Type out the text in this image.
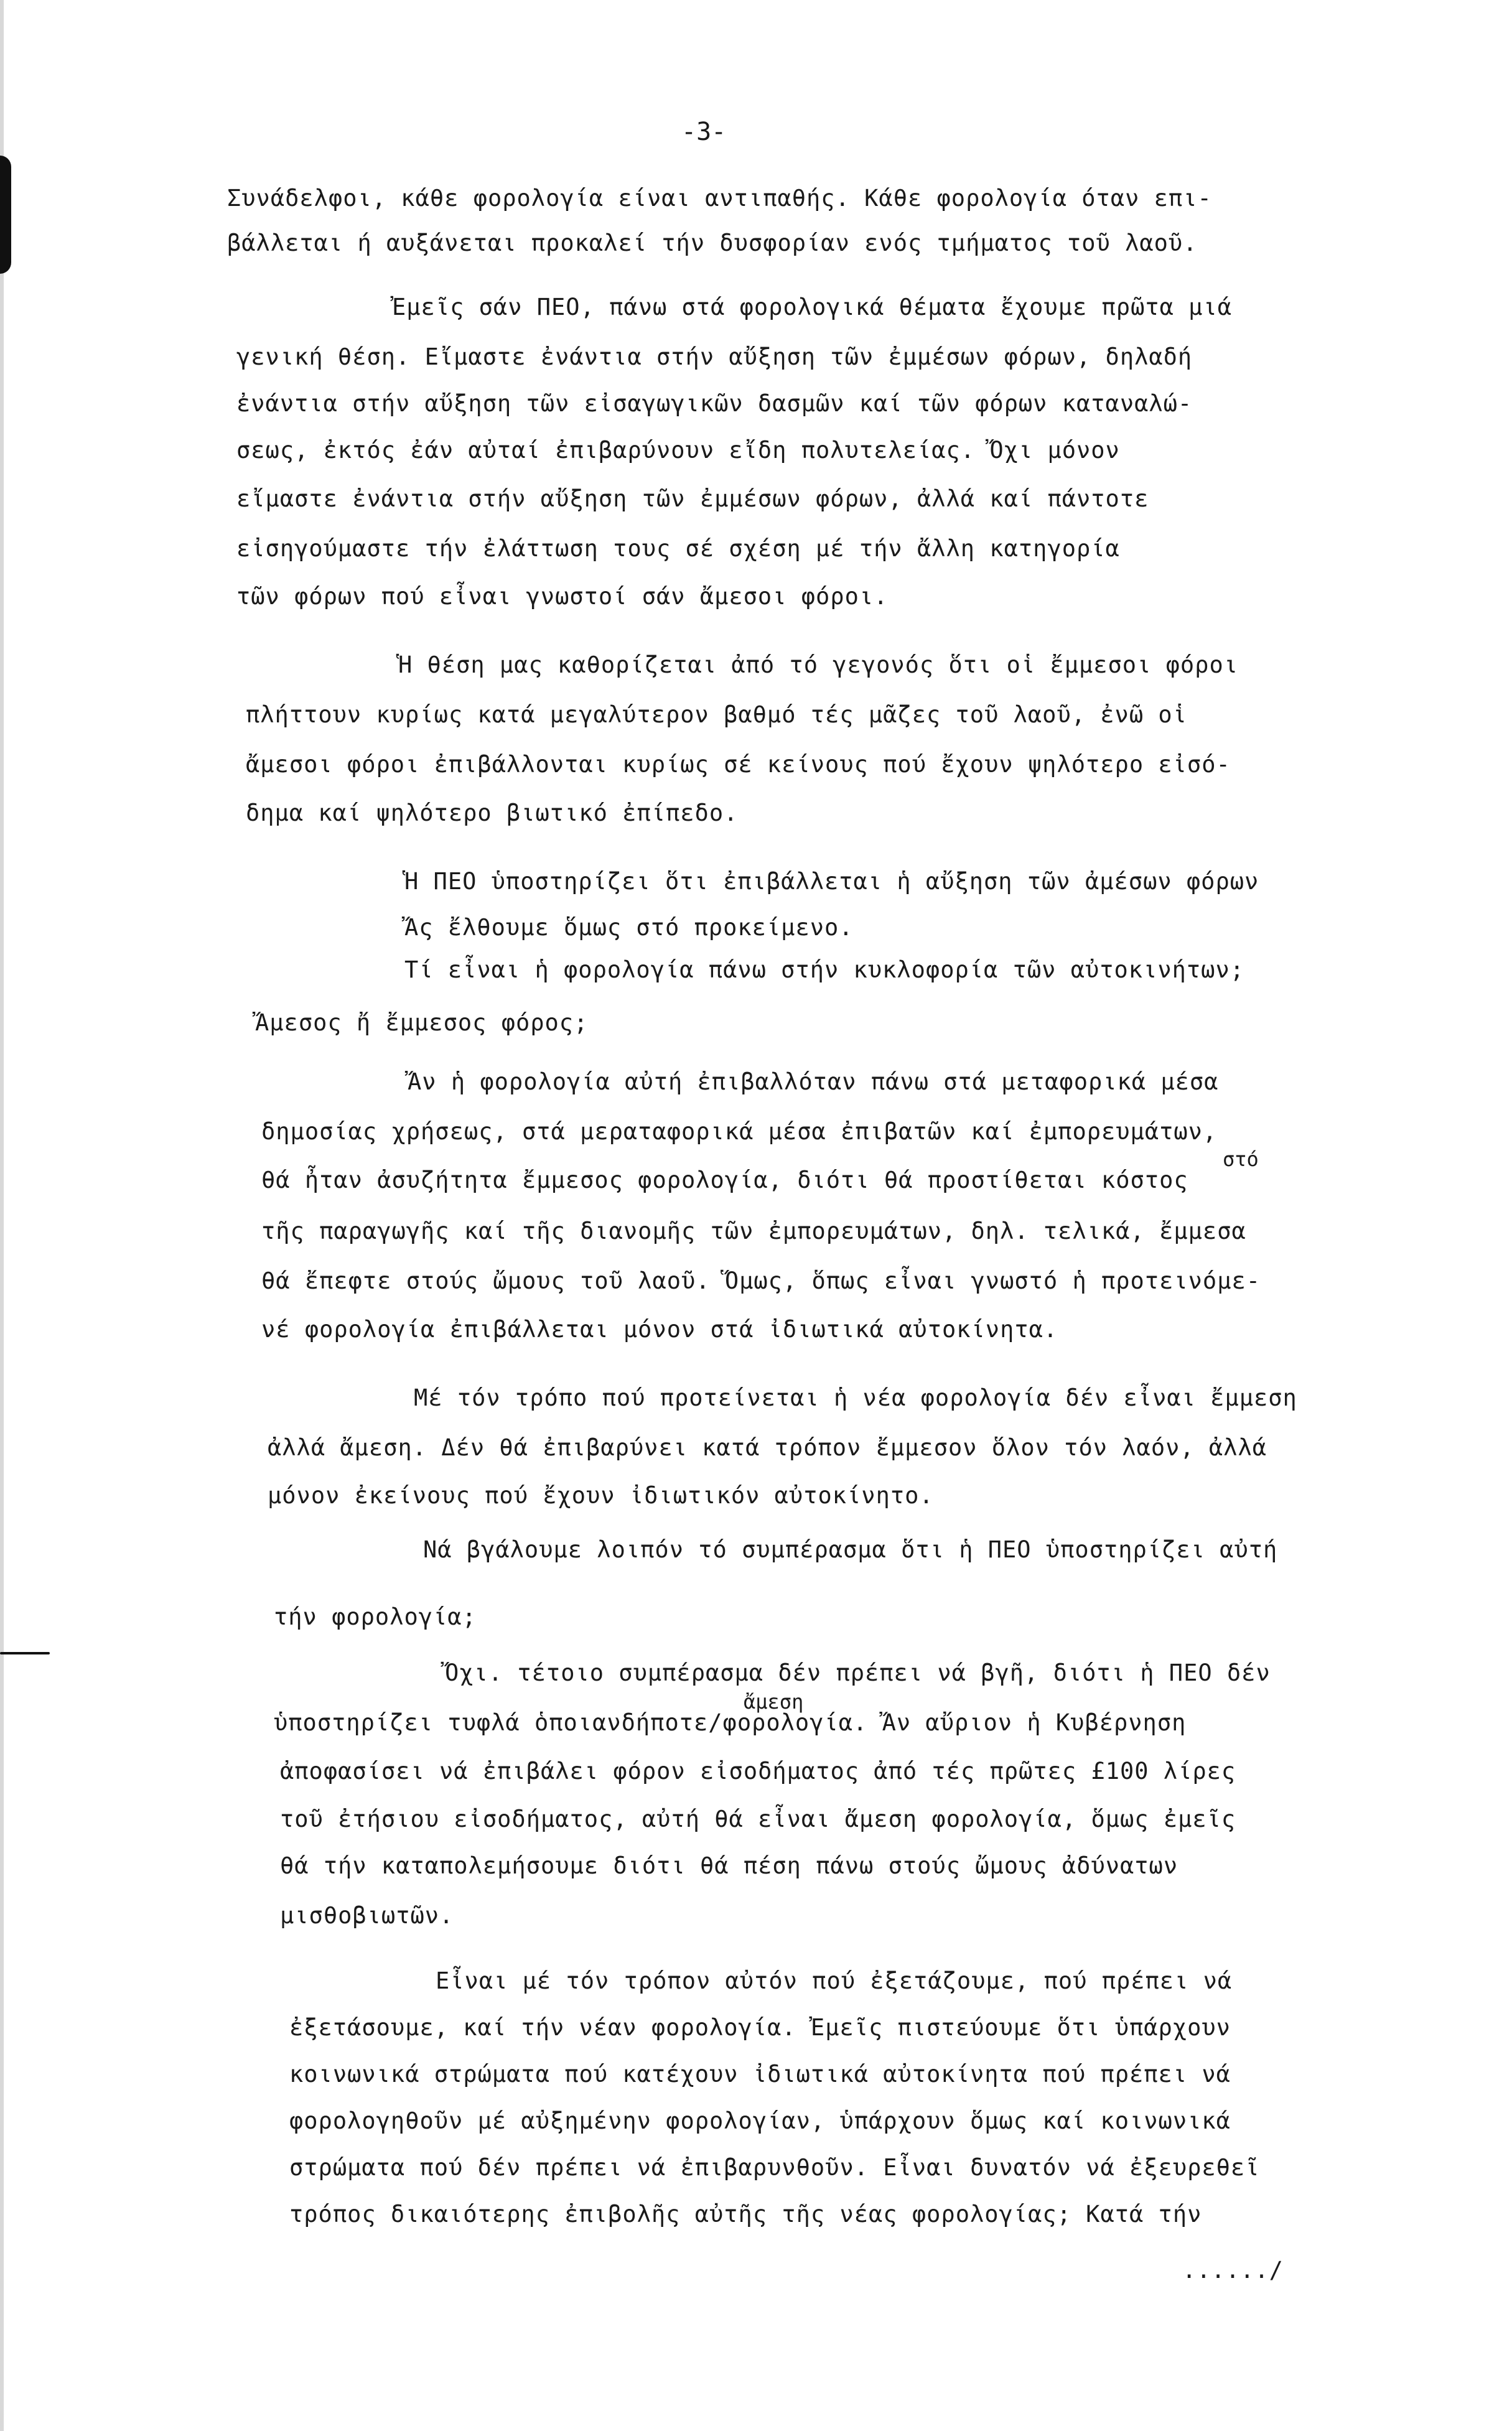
-3-
Συνάδελφοι, κάθε φορολογία είναι αντιπαθής. Κάθε φορολογία όταν επι-
βάλλεται ή αυξάνεται προκαλεί τήν δυσφορίαν ενός τμήματος τοῦ λαοῦ.
Ἐμεῖς σάν ΠΕΟ, πάνω στά φορολογικά θέματα ἔχουμε πρῶτα μιά
γενική θέση. Εἴμαστε ἐνάντια στήν αὔξηση τῶν ἐμμέσων φόρων, δηλαδή
ἐνάντια στήν αὔξηση τῶν εἰσαγωγικῶν δασμῶν καί τῶν φόρων καταναλώ-
σεως, ἐκτός ἐάν αὐταί ἐπιβαρύνουν εἴδη πολυτελείας. Ὄχι μόνον
εἴμαστε ἐνάντια στήν αὔξηση τῶν ἐμμέσων φόρων, ἀλλά καί πάντοτε
εἰσηγούμαστε τήν ἐλάττωση τους σέ σχέση μέ τήν ἄλλη κατηγορία
τῶν φόρων πού εἶναι γνωστοί σάν ἄμεσοι φόροι.
Ἡ θέση μας καθορίζεται ἀπό τό γεγονός ὅτι οἱ ἔμμεσοι φόροι
πλήττουν κυρίως κατά μεγαλύτερον βαθμό τές μᾶζες τοῦ λαοῦ, ἐνῶ οἱ
ἄμεσοι φόροι ἐπιβάλλονται κυρίως σέ κείνους πού ἔχουν ψηλότερο εἰσό-
δημα καί ψηλότερο βιωτικό ἐπίπεδο.
Ἡ ΠΕΟ ὑποστηρίζει ὅτι ἐπιβάλλεται ἡ αὔξηση τῶν ἀμέσων φόρων
Ἄς ἔλθουμε ὅμως στό προκείμενο.
Τί εἶναι ἡ φορολογία πάνω στήν κυκλοφορία τῶν αὐτοκινήτων;
Ἄμεσος ἤ ἔμμεσος φόρος;
Ἄν ἡ φορολογία αὐτή ἐπιβαλλόταν πάνω στά μεταφορικά μέσα
δημοσίας χρήσεως, στά μεραταφορικά μέσα ἐπιβατῶν καί ἐμπορευμάτων,
στό
θά ἦταν ἀσυζήτητα ἔμμεσος φορολογία, διότι θά προστίθεται κόστος
τῆς παραγωγῆς καί τῆς διανομῆς τῶν ἐμπορευμάτων, δηλ. τελικά, ἔμμεσα
θά ἔπεφτε στούς ὤμους τοῦ λαοῦ. Ὅμως, ὅπως εἶναι γνωστό ἡ προτεινόμε-
νέ φορολογία ἐπιβάλλεται μόνον στά ἰδιωτικά αὐτοκίνητα.
Μέ τόν τρόπο πού προτείνεται ἡ νέα φορολογία δέν εἶναι ἔμμεση
ἀλλά ἄμεση. Δέν θά ἐπιβαρύνει κατά τρόπον ἔμμεσον ὅλον τόν λαόν, ἀλλά
μόνον ἐκείνους πού ἔχουν ἰδιωτικόν αὐτοκίνητο.
Νά βγάλουμε λοιπόν τό συμπέρασμα ὅτι ἡ ΠΕΟ ὑποστηρίζει αὐτή
τήν φορολογία;
Ὄχι. τέτοιο συμπέρασμα δέν πρέπει νά βγῆ, διότι ἡ ΠΕΟ δέν
ἄμεση
ὑποστηρίζει τυφλά ὁποιανδήποτε/φορολογία. Ἄν αὔριον ἡ Κυβέρνηση
ἀποφασίσει νά ἐπιβάλει φόρον εἰσοδήματος ἀπό τές πρῶτες £100 λίρες
τοῦ ἐτήσιου εἰσοδήματος, αὐτή θά εἶναι ἄμεση φορολογία, ὅμως ἐμεῖς
θά τήν καταπολεμήσουμε διότι θά πέση πάνω στούς ὤμους ἀδύνατων
μισθοβιωτῶν.
Εἶναι μέ τόν τρόπον αὐτόν πού ἐξετάζουμε, πού πρέπει νά
ἐξετάσουμε, καί τήν νέαν φορολογία. Ἐμεῖς πιστεύουμε ὅτι ὑπάρχουν
κοινωνικά στρώματα πού κατέχουν ἰδιωτικά αὐτοκίνητα πού πρέπει νά
φορολογηθοῦν μέ αὐξημένην φορολογίαν, ὑπάρχουν ὅμως καί κοινωνικά
στρώματα πού δέν πρέπει νά ἐπιβαρυνθοῦν. Εἶναι δυνατόν νά ἐξευρεθεῖ
τρόπος δικαιότερης ἐπιβολῆς αὐτῆς τῆς νέας φορολογίας; Κατά τήν
....../
